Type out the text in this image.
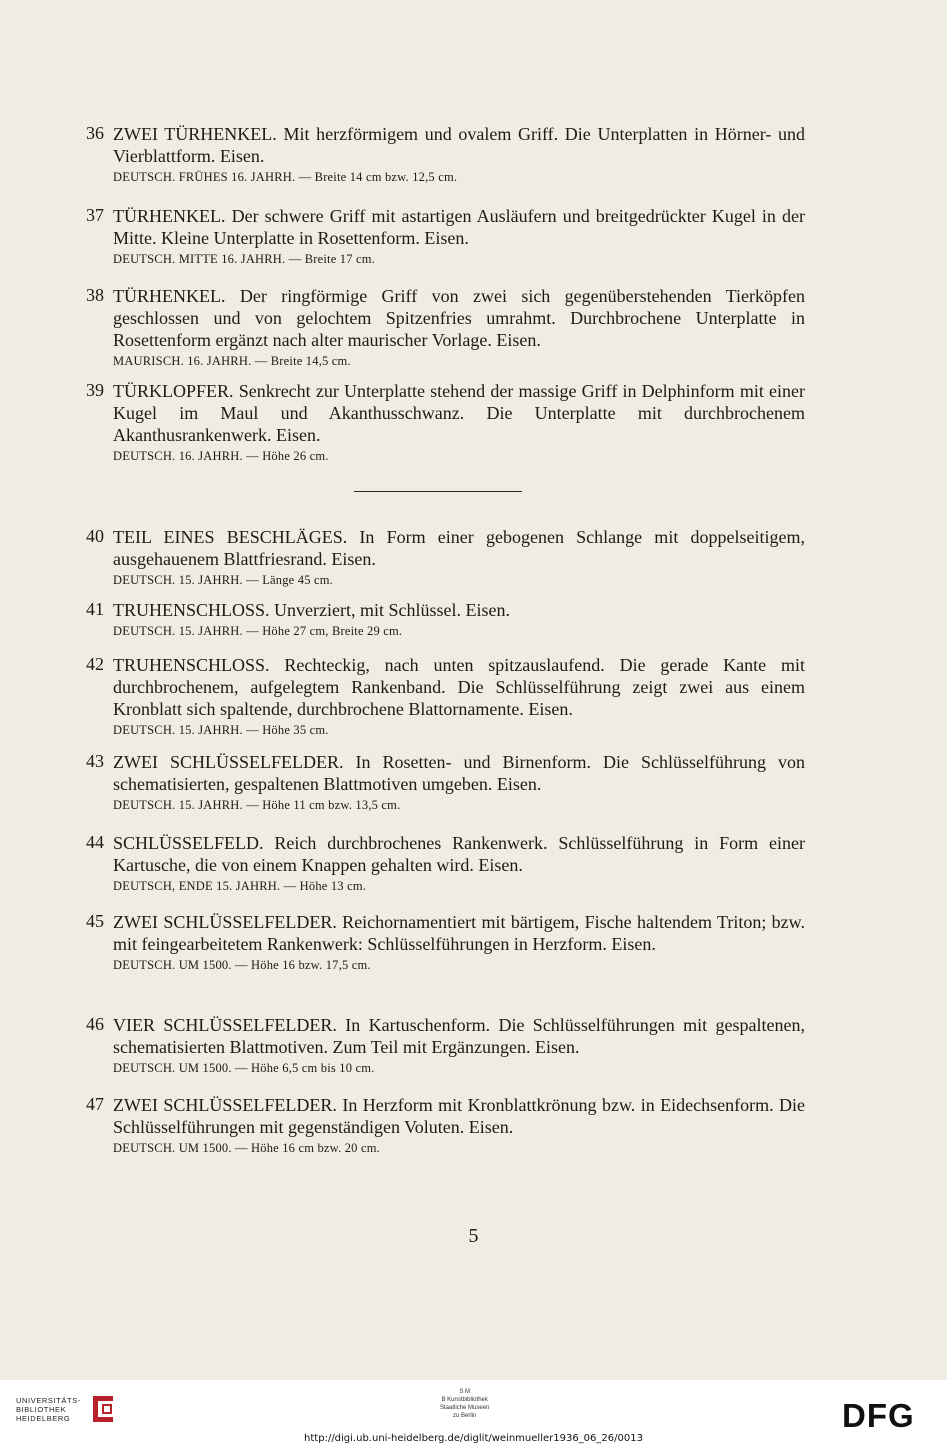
36 ZWEI TÜRHENKEL. Mit herzförmigem und ovalem Griff. Die Unterplatten in Hörner- und Vierblattform. Eisen.
DEUTSCH. FRÜHES 16. JAHRH. — Breite 14 cm bzw. 12,5 cm.
37 TÜRHENKEL. Der schwere Griff mit astartigen Ausläufern und breitgedrückter Kugel in der Mitte. Kleine Unterplatte in Rosettenform. Eisen.
DEUTSCH. MITTE 16. JAHRH. — Breite 17 cm.
38 TÜRHENKEL. Der ringförmige Griff von zwei sich gegenüberstehenden Tierköpfen geschlossen und von gelochtem Spitzenfries umrahmt. Durchbrochene Unterplatte in Rosettenform ergänzt nach alter maurischer Vorlage. Eisen.
MAURISCH. 16. JAHRH. — Breite 14,5 cm.
39 TÜRKLOPFER. Senkrecht zur Unterplatte stehend der massige Griff in Delphinform mit einer Kugel im Maul und Akanthusschwanz. Die Unterplatte mit durchbrochenem Akanthusrankenwerk. Eisen.
DEUTSCH. 16. JAHRH. — Höhe 26 cm.
40 TEIL EINES BESCHLÄGES. In Form einer gebogenen Schlange mit doppelseitigem, ausgehauenem Blattfriesrand. Eisen.
DEUTSCH. 15. JAHRH. — Länge 45 cm.
41 TRUHENSCHLOSS. Unverziert, mit Schlüssel. Eisen.
DEUTSCH. 15. JAHRH. — Höhe 27 cm, Breite 29 cm.
42 TRUHENSCHLOSS. Rechteckig, nach unten spitzauslaufend. Die gerade Kante mit durchbrochenem, aufgelegtem Rankenband. Die Schlüsselführung zeigt zwei aus einem Kronblatt sich spaltende, durchbrochene Blattornamente. Eisen.
DEUTSCH. 15. JAHRH. — Höhe 35 cm.
43 ZWEI SCHLÜSSELFELDER. In Rosetten- und Birnenform. Die Schlüsselführung von schematisierten, gespaltenen Blattmotiven umgeben. Eisen.
DEUTSCH. 15. JAHRH. — Höhe 11 cm bzw. 13,5 cm.
44 SCHLÜSSELFELD. Reich durchbrochenes Rankenwerk. Schlüsselführung in Form einer Kartusche, die von einem Knappen gehalten wird. Eisen.
DEUTSCH, ENDE 15. JAHRH. — Höhe 13 cm.
45 ZWEI SCHLÜSSELFELDER. Reichornamentiert mit bärtigem, Fische haltendem Triton; bzw. mit feingearbeitetem Rankenwerk: Schlüsselführungen in Herzform. Eisen.
DEUTSCH. UM 1500. — Höhe 16 bzw. 17,5 cm.
46 VIER SCHLÜSSELFELDER. In Kartuschenform. Die Schlüsselführungen mit gespaltenen, schematisierten Blattmotiven. Zum Teil mit Ergänzungen. Eisen.
DEUTSCH. UM 1500. — Höhe 6,5 cm bis 10 cm.
47 ZWEI SCHLÜSSELFELDER. In Herzform mit Kronblattkrönung bzw. in Eidechsenform. Die Schlüsselführungen mit gegenständigen Voluten. Eisen.
DEUTSCH. UM 1500. — Höhe 16 cm bzw. 20 cm.
5
UNIVERSITÄTS-
BIBLIOTHEK
HEIDELBERG
S M
B Kunstbibliothek
Staatliche Museen
zu Berlin	DFG
http://digi.ub.uni-heidelberg.de/diglit/weinmueller1936_06_26/0013
